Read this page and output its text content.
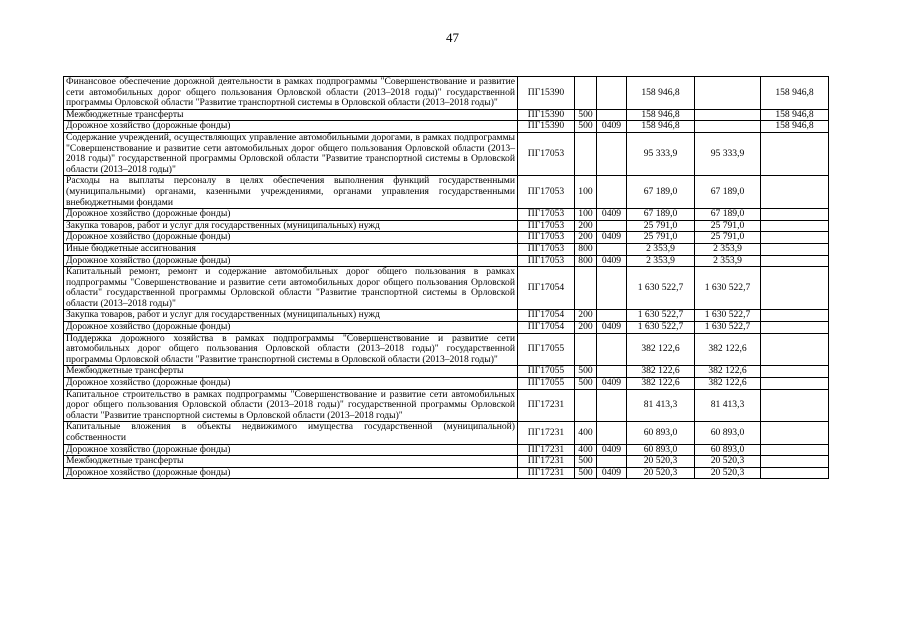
47
Финансовое обеспечение дорожной деятельности в рамках подпрограммы "Совершенствование и развитие сети автомобильных дорог общего пользования Орловской области (2013–2018 годы)" государственной программы Орловской области "Развитие транспортной системы в Орловской области (2013–2018 годы)"	ПГ15390			158 946,8		158 946,8
Межбюджетные трансферты	ПГ15390	500		158 946,8		158 946,8
Дорожное хозяйство (дорожные фонды)	ПГ15390	500	0409	158 946,8		158 946,8
Содержание учреждений, осуществляющих управление автомобильными дорогами, в рамках подпрограммы "Совершенствование и развитие сети автомобильных дорог общего пользования Орловской области (2013–2018 годы)" государственной программы Орловской области "Развитие транспортной системы в Орловской области (2013–2018 годы)"	ПГ17053			95 333,9	95 333,9	
Расходы на выплаты персоналу в целях обеспечения выполнения функций государственными (муниципальными) органами, казенными учреждениями, органами управления государственными внебюджетными фондами	ПГ17053	100		67 189,0	67 189,0	
Дорожное хозяйство (дорожные фонды)	ПГ17053	100	0409	67 189,0	67 189,0	
Закупка товаров, работ и услуг для государственных (муниципальных) нужд	ПГ17053	200		25 791,0	25 791,0	
Дорожное хозяйство (дорожные фонды)	ПГ17053	200	0409	25 791,0	25 791,0	
Иные бюджетные ассигнования	ПГ17053	800		2 353,9	2 353,9	
Дорожное хозяйство (дорожные фонды)	ПГ17053	800	0409	2 353,9	2 353,9	
Капитальный ремонт, ремонт и содержание автомобильных дорог общего пользования в рамках подпрограммы "Совершенствование и развитие сети автомобильных дорог общего пользования Орловской области" государственной программы Орловской области "Развитие транспортной системы в Орловской области (2013–2018 годы)"	ПГ17054			1 630 522,7	1 630 522,7	
Закупка товаров, работ и услуг для государственных (муниципальных) нужд	ПГ17054	200		1 630 522,7	1 630 522,7	
Дорожное хозяйство (дорожные фонды)	ПГ17054	200	0409	1 630 522,7	1 630 522,7	
Поддержка дорожного хозяйства в рамках подпрограммы "Совершенствование и развитие сети автомобильных дорог общего пользования Орловской области (2013–2018 годы)" государственной программы Орловской области "Развитие транспортной системы в Орловской области (2013–2018 годы)"	ПГ17055			382 122,6	382 122,6	
Межбюджетные трансферты	ПГ17055	500		382 122,6	382 122,6	
Дорожное хозяйство (дорожные фонды)	ПГ17055	500	0409	382 122,6	382 122,6	
Капитальное строительство в рамках подпрограммы "Совершенствование и развитие сети автомобильных дорог общего пользования Орловской области (2013–2018 годы)" государственной программы Орловской области "Развитие транспортной системы в Орловской области (2013–2018 годы)"	ПГ17231			81 413,3	81 413,3	
Капитальные вложения в объекты недвижимого имущества государственной (муниципальной) собственности	ПГ17231	400		60 893,0	60 893,0	
Дорожное хозяйство (дорожные фонды)	ПГ17231	400	0409	60 893,0	60 893,0	
Межбюджетные трансферты	ПГ17231	500		20 520,3	20 520,3	
Дорожное хозяйство (дорожные фонды)	ПГ17231	500	0409	20 520,3	20 520,3	
